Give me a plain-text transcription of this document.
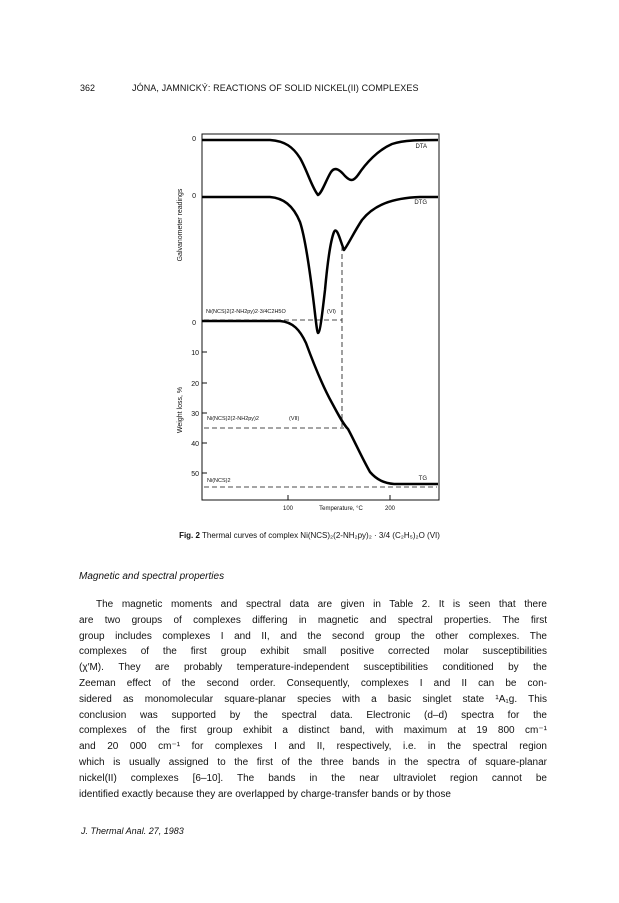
362	JÓNA, JAMNICKÝ: REACTIONS OF SOLID NICKEL(II) COMPLEXES
Galvanometer readings
Weight loss, %
0
0
0
10
20
30
40
50
100	Temperature, °C	200
DTA
DTG
TG
Ni(NCS)2(2-NH2py)2·3/4C2H5O	(VI)
Ni(NCS)2(2-NH2py)2	(VII)
Ni(NCS)2
Fig. 2 Thermal curves of complex Ni(NCS)₂(2-NH₂py)₂ · 3/4 (C₂H₅)₂O (VI)
Magnetic and spectral properties
The magnetic moments and spectral data are given in Table 2. It is seen that there
are two groups of complexes differing in magnetic and spectral properties. The first
group includes complexes I and II, and the second group the other complexes. The
complexes of the first group exhibit small positive corrected molar susceptibilities
(χ′M). They are probably temperature-independent susceptibilities conditioned by the
Zeeman effect of the second order. Consequently, complexes I and II can be con-
sidered as monomolecular square-planar species with a basic singlet state ¹A₁g. This
conclusion was supported by the spectral data. Electronic (d–d) spectra for the
complexes of the first group exhibit a distinct band, with maximum at 19 800 cm⁻¹
and 20 000 cm⁻¹ for complexes I and II, respectively, i.e. in the spectral region
which is usually assigned to the first of the three bands in the spectra of square-planar
nickel(II) complexes [6–10]. The bands in the near ultraviolet region cannot be
identified exactly because they are overlapped by charge-transfer bands or by those
J. Thermal Anal. 27, 1983
